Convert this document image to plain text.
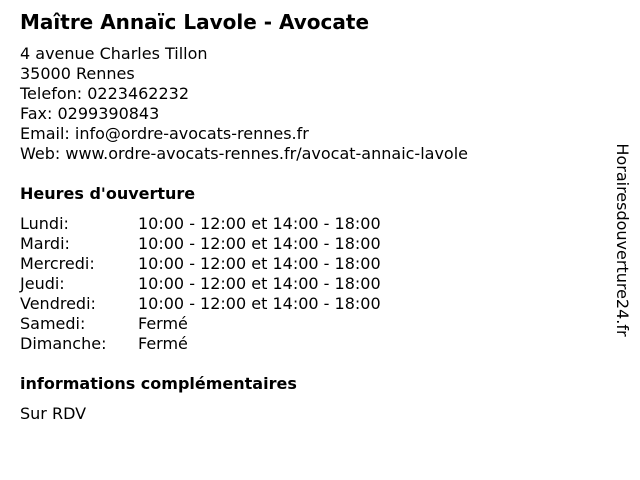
Maître Annaïc Lavole - Avocate
4 avenue Charles Tillon
35000 Rennes
Telefon: 0223462232
Fax: 0299390843
Email: info@ordre-avocats-rennes.fr
Web: www.ordre-avocats-rennes.fr/avocat-annaic-lavole
Heures d'ouverture
Lundi:	10:00 - 12:00 et 14:00 - 18:00
Mardi:	10:00 - 12:00 et 14:00 - 18:00
Mercredi:	10:00 - 12:00 et 14:00 - 18:00
Jeudi:	10:00 - 12:00 et 14:00 - 18:00
Vendredi:	10:00 - 12:00 et 14:00 - 18:00
Samedi:	Fermé
Dimanche: Fermé
informations complémentaires
Sur RDV
Horairesdouverture24.fr
